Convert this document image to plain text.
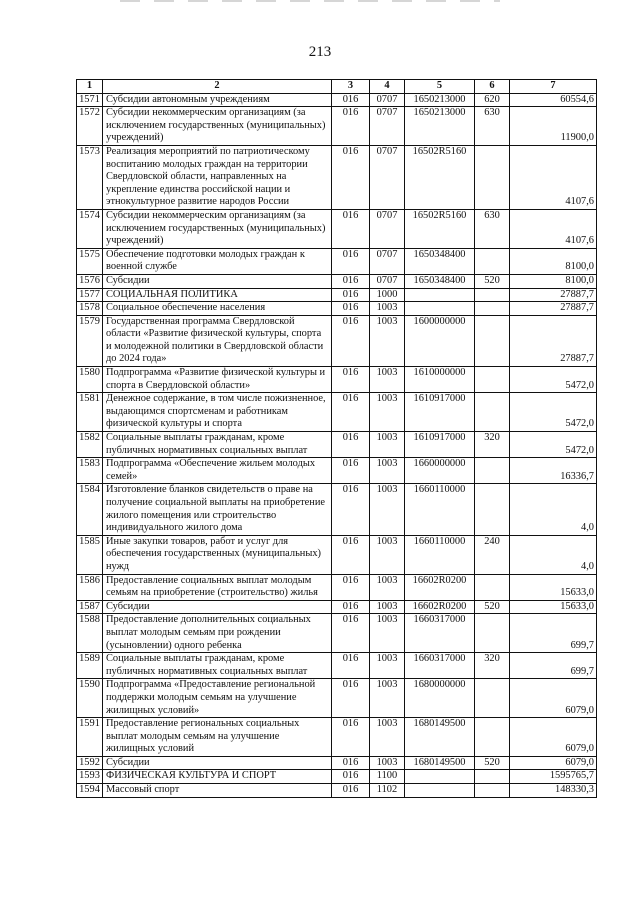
213
1	2	3	4	5	6	7
1571	Субсидии автономным учреждениям	016	0707	1650213000	620	60554,6
1572	Субсидии некоммерческим организациям (за исключением государственных (муниципальных) учреждений)	016	0707	1650213000	630	11900,0
1573	Реализация мероприятий по патриотическому воспитанию молодых граждан на территории Свердловской области, направленных на укрепление единства российской нации и этнокультурное развитие народов России	016	0707	16502R5160		4107,6
1574	Субсидии некоммерческим организациям (за исключением государственных (муниципальных) учреждений)	016	0707	16502R5160	630	4107,6
1575	Обеспечение подготовки молодых граждан к военной службе	016	0707	1650348400		8100,0
1576	Субсидии	016	0707	1650348400	520	8100,0
1577	СОЦИАЛЬНАЯ ПОЛИТИКА	016	1000			27887,7
1578	Социальное обеспечение населения	016	1003			27887,7
1579	Государственная программа Свердловской области «Развитие физической культуры, спорта и молодежной политики в Свердловской области до 2024 года»	016	1003	1600000000		27887,7
1580	Подпрограмма «Развитие физической культуры и спорта в Свердловской области»	016	1003	1610000000		5472,0
1581	Денежное содержание, в том числе пожизненное, выдающимся спортсменам и работникам физической культуры и спорта	016	1003	1610917000		5472,0
1582	Социальные выплаты гражданам, кроме публичных нормативных социальных выплат	016	1003	1610917000	320	5472,0
1583	Подпрограмма «Обеспечение жильем молодых семей»	016	1003	1660000000		16336,7
1584	Изготовление бланков свидетельств о праве на получение социальной выплаты на приобретение жилого помещения или строительство индивидуального жилого дома	016	1003	1660110000		4,0
1585	Иные закупки товаров, работ и услуг для обеспечения государственных (муниципальных) нужд	016	1003	1660110000	240	4,0
1586	Предоставление социальных выплат молодым семьям на приобретение (строительство) жилья	016	1003	16602R0200		15633,0
1587	Субсидии	016	1003	16602R0200	520	15633,0
1588	Предоставление дополнительных социальных выплат молодым семьям при рождении (усыновлении) одного ребенка	016	1003	1660317000		699,7
1589	Социальные выплаты гражданам, кроме публичных нормативных социальных выплат	016	1003	1660317000	320	699,7
1590	Подпрограмма «Предоставление региональной поддержки молодым семьям на улучшение жилищных условий»	016	1003	1680000000		6079,0
1591	Предоставление региональных социальных выплат молодым семьям на улучшение жилищных условий	016	1003	1680149500		6079,0
1592	Субсидии	016	1003	1680149500	520	6079,0
1593	ФИЗИЧЕСКАЯ КУЛЬТУРА И СПОРТ	016	1100			1595765,7
1594	Массовый спорт	016	1102			148330,3
